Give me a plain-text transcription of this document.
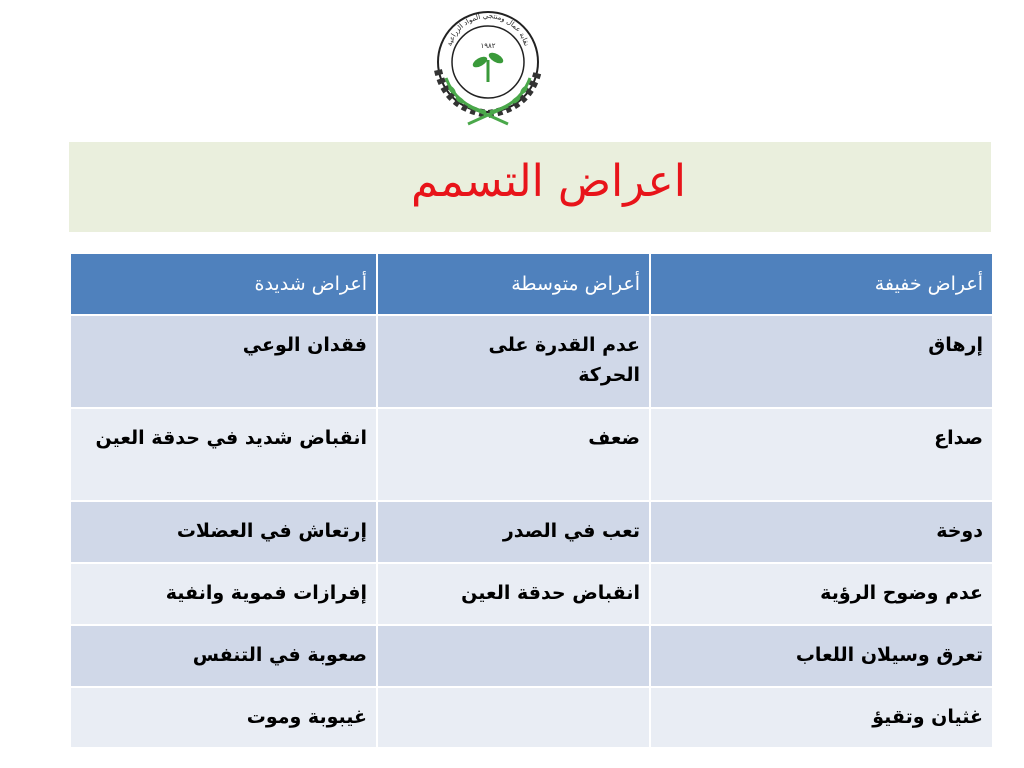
نقابة عمال ومنتجي المواد الزراعية
١٩٨٢
اعراض التسمم
أعراض خفيفة	أعراض متوسطة	أعراض شديدة
إرهاق	عدم القدرة على الحركة	فقدان الوعي
صداع	ضعف	انقباض شديد في حدقة العين
دوخة	تعب في الصدر	إرتعاش في العضلات
عدم وضوح الرؤية	انقباض حدقة العين	إفرازات فموية وانفية
تعرق وسيلان اللعاب		صعوبة في التنفس
غثيان وتقيؤ		غيبوبة وموت
